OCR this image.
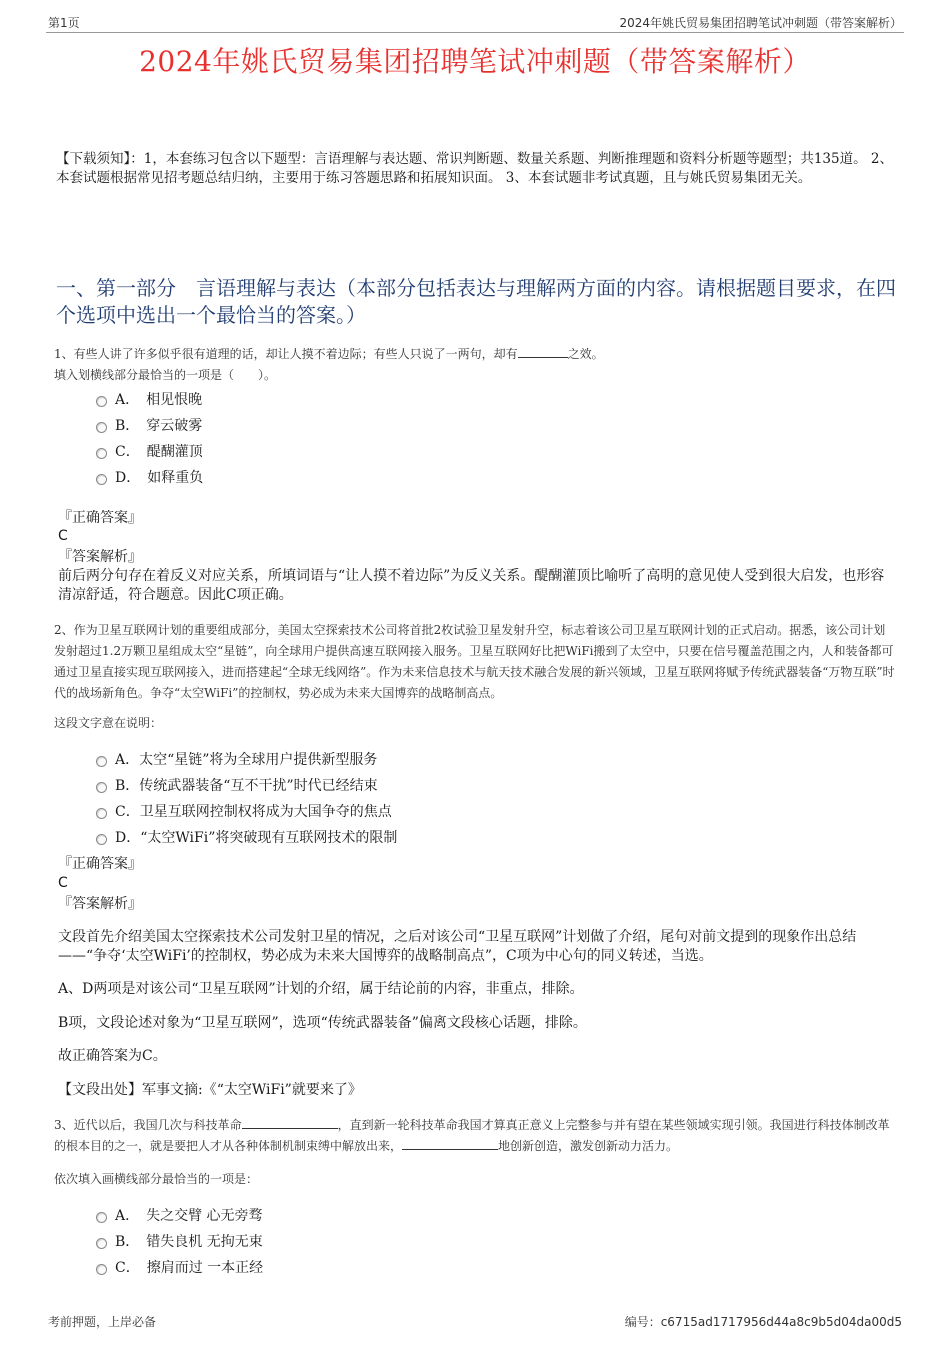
第1页	2024年姚氏贸易集团招聘笔试冲刺题（带答案解析）
2024年姚氏贸易集团招聘笔试冲刺题（带答案解析）
【下载须知】：1，本套练习包含以下题型：言语理解与表达题、常识判断题、数量关系题、判断推理题和资料分析题等题型；共135道。 2、本套试题根据常见招考题总结归纳，主要用于练习答题思路和拓展知识面。 3、本套试题非考试真题，且与姚氏贸易集团无关。
一、第一部分　言语理解与表达（本部分包括表达与理解两方面的内容。请根据题目要求，在四个选项中选出一个最恰当的答案。）
1、有些人讲了许多似乎很有道理的话，却让人摸不着边际；有些人只说了一两句，却有	之效。
填入划横线部分最恰当的一项是（　　）。
A．　相见恨晚
B．　穿云破雾
C．　醍醐灌顶
D．　如释重负
『正确答案』
C
『答案解析』
前后两分句存在着反义对应关系，所填词语与“让人摸不着边际”为反义关系。醍醐灌顶比喻听了高明的意见使人受到很大启发，也形容清凉舒适，符合题意。因此C项正确。
2、作为卫星互联网计划的重要组成部分，美国太空探索技术公司将首批2枚试验卫星发射升空，标志着该公司卫星互联网计划的正式启动。据悉，该公司计划发射超过1.2万颗卫星组成太空“星链”，向全球用户提供高速互联网接入服务。卫星互联网好比把WiFi搬到了太空中，只要在信号覆盖范围之内，人和装备都可通过卫星直接实现互联网接入，进而搭建起“全球无线网络”。作为未来信息技术与航天技术融合发展的新兴领域，卫星互联网将赋予传统武器装备“万物互联”时代的战场新角色。争夺“太空WiFi”的控制权，势必成为未来大国博弈的战略制高点。
这段文字意在说明：
A．太空“星链”将为全球用户提供新型服务
B．传统武器装备“互不干扰”时代已经结束
C．卫星互联网控制权将成为大国争夺的焦点
D．“太空WiFi”将突破现有互联网技术的限制
『正确答案』
C
『答案解析』
文段首先介绍美国太空探索技术公司发射卫星的情况，之后对该公司“卫星互联网”计划做了介绍，尾句对前文提到的现象作出总结——“争夺‘太空WiFi’的控制权，势必成为未来大国博弈的战略制高点”，C项为中心句的同义转述，当选。
A、D两项是对该公司“卫星互联网”计划的介绍，属于结论前的内容，非重点，排除。
B项，文段论述对象为“卫星互联网”，选项“传统武器装备”偏离文段核心话题，排除。
故正确答案为C。
【文段出处】军事文摘:《“太空WiFi”就要来了》
3、近代以后，我国几次与科技革命	，直到新一轮科技革命我国才算真正意义上完整参与并有望在某些领域实现引领。我国进行科技体制改革的根本目的之一，就是要把人才从各种体制机制束缚中解放出来，	地创新创造，激发创新动力活力。
依次填入画横线部分最恰当的一项是：
A．　失之交臂 心无旁骛
B．　错失良机 无拘无束
C．　擦肩而过 一本正经
考前押题，上岸必备	编号：c6715ad1717956d44a8c9b5d04da00d5
